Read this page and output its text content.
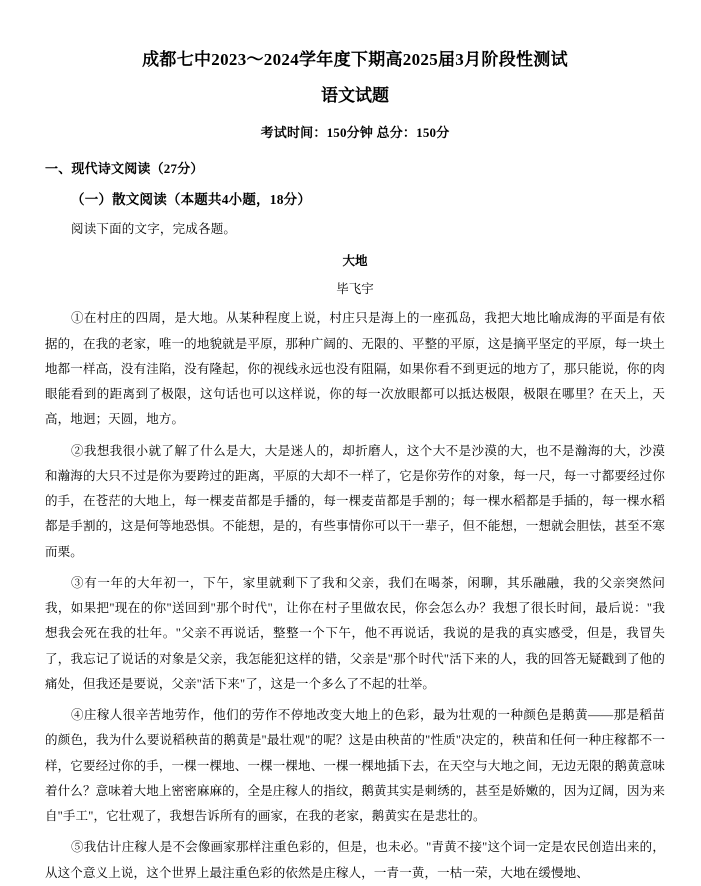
成都七中2023～2024学年度下期高2025届3月阶段性测试
语文试题

考试时间：150分钟 总分：150分

一、现代诗文阅读（27分）

（一）散文阅读（本题共4小题，18分）

阅读下面的文字，完成各题。

大地

毕飞宇

①在村庄的四周，是大地。从某种程度上说，村庄只是海上的一座孤岛，我把大地比喻成海的平面是有依据的，在我的老家，唯一的地貌就是平原，那种广阔的、无限的、平整的平原，这是摘平坚定的平原，每一块土地都一样高，没有洼陷，没有隆起，你的视线永远也没有阻隔，如果你看不到更远的地方了，那只能说，你的肉眼能看到的距离到了极限，这句话也可以这样说，你的每一次放眼都可以抵达极限，极限在哪里？在天上，天高，地迥；天圆，地方。

②我想我很小就了解了什么是大，大是迷人的，却折磨人，这个大不是沙漠的大，也不是瀚海的大，沙漠和瀚海的大只不过是你为要跨过的距离，平原的大却不一样了，它是你劳作的对象，每一尺，每一寸都要经过你的手，在苍茫的大地上，每一棵麦苗都是手播的，每一棵麦苗都是手割的；每一棵水稻都是手插的，每一棵水稻都是手割的，这是何等地恐惧。不能想，是的，有些事情你可以干一辈子，但不能想，一想就会胆怯，甚至不寒而栗。

③有一年的大年初一，下午，家里就剩下了我和父亲，我们在喝茶，闲聊，其乐融融，我的父亲突然问我，如果把"现在的你"送回到"那个时代"，让你在村子里做农民，你会怎么办？我想了很长时间，最后说："我想我会死在我的壮年。"父亲不再说话，整整一个下午，他不再说话，我说的是我的真实感受，但是，我冒失了，我忘记了说话的对象是父亲，我怎能犯这样的错，父亲是"那个时代"活下来的人，我的回答无疑戳到了他的痛处，但我还是要说，父亲"活下来"了，这是一个多么了不起的壮举。

④庄稼人很辛苦地劳作，他们的劳作不停地改变大地上的色彩，最为壮观的一种颜色是鹅黄——那是稻苗的颜色，我为什么要说稻秧苗的鹅黄是"最壮观"的呢？这是由秧苗的"性质"决定的，秧苗和任何一种庄稼都不一样，它要经过你的手，一棵一棵地、一棵一棵地、一棵一棵地插下去，在天空与大地之间，无边无限的鹅黄意味着什么？意味着大地上密密麻麻的，全是庄稼人的指纹，鹅黄其实是刺绣的，甚至是娇嫩的，因为辽阔，因为来自"手工"，它壮观了，我想告诉所有的画家，在我的老家，鹅黄实在是悲壮的。

⑤我估计庄稼人是不会像画家那样注重色彩的，但是，也未必。"青黄不接"这个词一定是农民创造出来的，从这个意义上说，这个世界上最注重色彩的依然是庄稼人，一青一黄，一枯一荣，大地在缓慢地、
